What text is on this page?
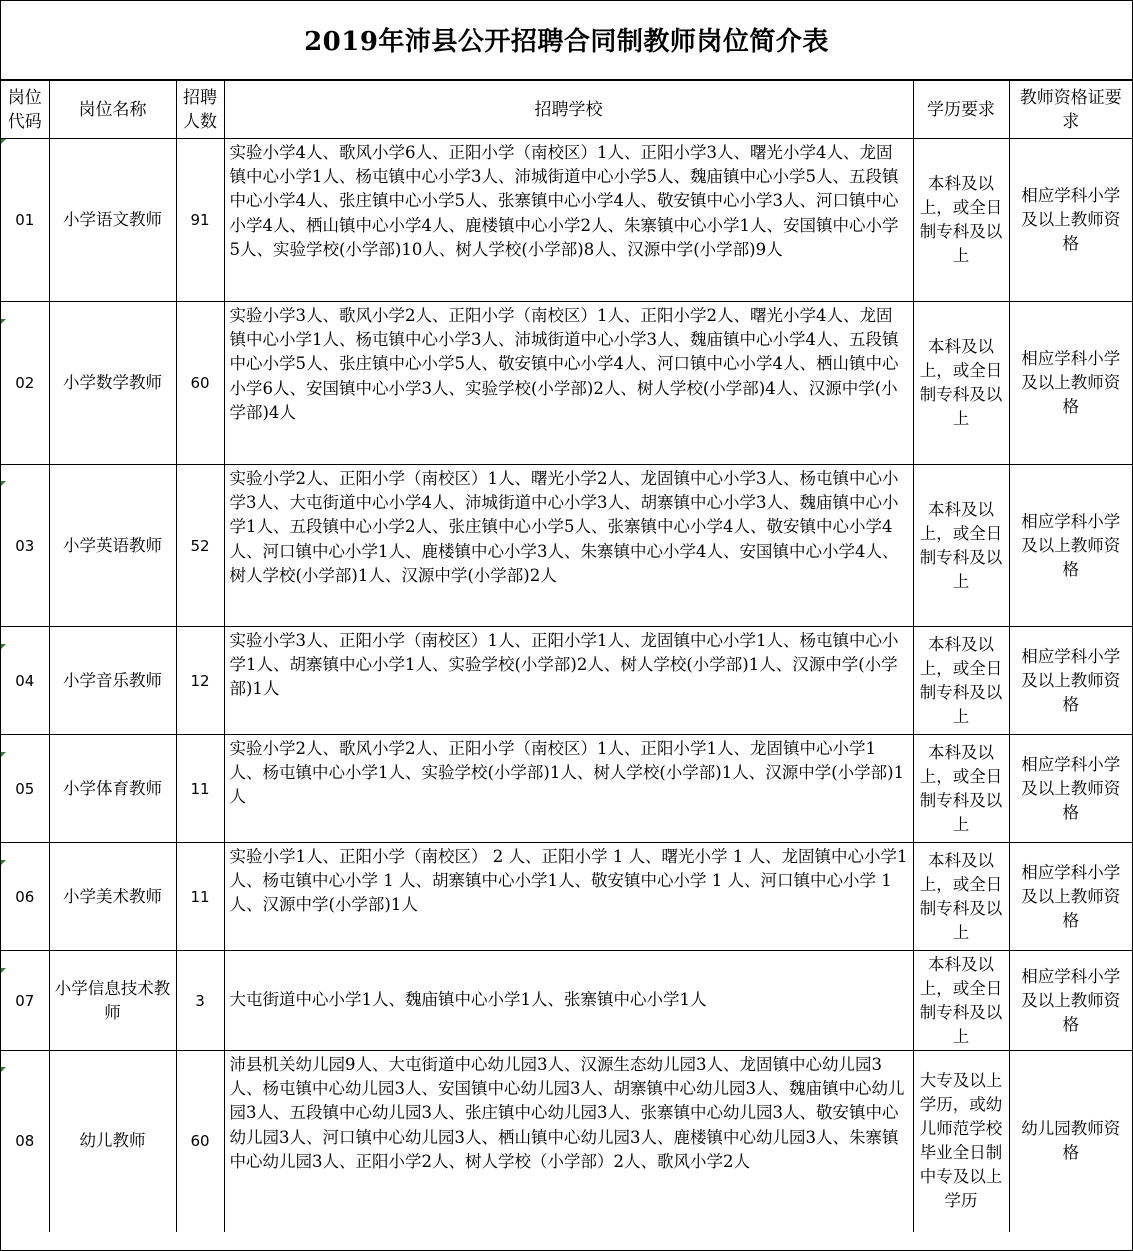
2019年沛县公开招聘合同制教师岗位简介表
岗位代码	岗位名称	招聘人数	招聘学校	学历要求	教师资格证要求
01	小学语文教师	91	实验小学4人、歌风小学6人、正阳小学（南校区）1人、正阳小学3人、曙光小学4人、龙固镇中心小学1人、杨屯镇中心小学3人、沛城街道中心小学5人、魏庙镇中心小学5人、五段镇中心小学4人、张庄镇中心小学5人、张寨镇中心小学4人、敬安镇中心小学3人、河口镇中心小学4人、栖山镇中心小学4人、鹿楼镇中心小学2人、朱寨镇中心小学1人、安国镇中心小学5人、实验学校(小学部)10人、树人学校(小学部)8人、汉源中学(小学部)9人	本科及以上，或全日制专科及以上	相应学科小学及以上教师资格
02	小学数学教师	60	实验小学3人、歌风小学2人、正阳小学（南校区）1人、正阳小学2人、曙光小学4人、龙固镇中心小学1人、杨屯镇中心小学3人、沛城街道中心小学3人、魏庙镇中心小学4人、五段镇中心小学5人、张庄镇中心小学5人、敬安镇中心小学4人、河口镇中心小学4人、栖山镇中心小学6人、安国镇中心小学3人、实验学校(小学部)2人、树人学校(小学部)4人、汉源中学(小学部)4人	本科及以上，或全日制专科及以上	相应学科小学及以上教师资格
03	小学英语教师	52	实验小学2人、正阳小学（南校区）1人、曙光小学2人、龙固镇中心小学3人、杨屯镇中心小学3人、大屯街道中心小学4人、沛城街道中心小学3人、胡寨镇中心小学3人、魏庙镇中心小学1人、五段镇中心小学2人、张庄镇中心小学5人、张寨镇中心小学4人、敬安镇中心小学4人、河口镇中心小学1人、鹿楼镇中心小学3人、朱寨镇中心小学4人、安国镇中心小学4人、树人学校(小学部)1人、汉源中学(小学部)2人	本科及以上，或全日制专科及以上	相应学科小学及以上教师资格
04	小学音乐教师	12	实验小学3人、正阳小学（南校区）1人、正阳小学1人、龙固镇中心小学1人、杨屯镇中心小学1人、胡寨镇中心小学1人、实验学校(小学部)2人、树人学校(小学部)1人、汉源中学(小学部)1人	本科及以上，或全日制专科及以上	相应学科小学及以上教师资格
05	小学体育教师	11	实验小学2人、歌风小学2人、正阳小学（南校区）1人、正阳小学1人、龙固镇中心小学1人、杨屯镇中心小学1人、实验学校(小学部)1人、树人学校(小学部)1人、汉源中学(小学部)1人	本科及以上，或全日制专科及以上	相应学科小学及以上教师资格
06	小学美术教师	11	实验小学1人、正阳小学（南校区） 2 人、正阳小学 1 人、曙光小学 1 人、龙固镇中心小学1人、杨屯镇中心小学 1 人、胡寨镇中心小学1人、敬安镇中心小学 1 人、河口镇中心小学 1 人、汉源中学(小学部)1人	本科及以上，或全日制专科及以上	相应学科小学及以上教师资格
07	小学信息技术教师	3	大屯街道中心小学1人、魏庙镇中心小学1人、张寨镇中心小学1人	本科及以上，或全日制专科及以上	相应学科小学及以上教师资格
08	幼儿教师	60	沛县机关幼儿园9人、大屯街道中心幼儿园3人、汉源生态幼儿园3人、龙固镇中心幼儿园3人、杨屯镇中心幼儿园3人、安国镇中心幼儿园3人、胡寨镇中心幼儿园3人、魏庙镇中心幼儿园3人、五段镇中心幼儿园3人、张庄镇中心幼儿园3人、张寨镇中心幼儿园3人、敬安镇中心幼儿园3人、河口镇中心幼儿园3人、栖山镇中心幼儿园3人、鹿楼镇中心幼儿园3人、朱寨镇中心幼儿园3人、正阳小学2人、树人学校（小学部）2人、歌风小学2人	大专及以上学历，或幼儿师范学校毕业全日制中专及以上学历	幼儿园教师资格
